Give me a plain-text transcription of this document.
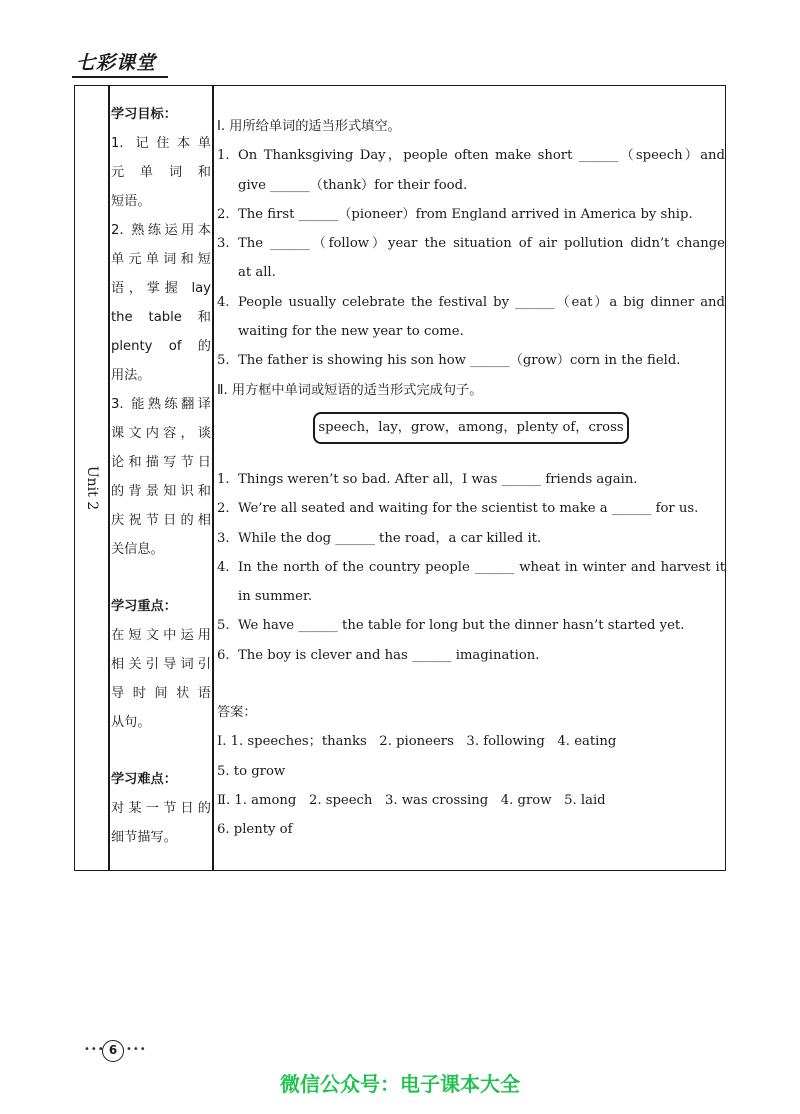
七彩课堂
Unit 2

学习目标：

1. 记住本单

元单词和

短语。

2. 熟练运用本

单元单词和短

语，掌握 lay

the table 和

plenty of 的

用法。

3. 能熟练翻译

课文内容，谈

论和描写节日

的背景知识和

庆祝节日的相

关信息。

学习重点：

在短文中运用

相关引导词引

导时间状语

从句。

学习难点：

对某一节日的

细节描写。

Ⅰ. 用所给单词的适当形式填空。

1. On Thanksgiving Day，people often make short ______（speech）and
give ______（thank）for their food.
2. The first ______（pioneer）from England arrived in America by ship.
3. The ______（follow）year the situation of air pollution didn’t change
at all.
4. People usually celebrate the festival by ______（eat）a big dinner and
waiting for the new year to come.
5. The father is showing his son how ______（grow）corn in the field.

Ⅱ. 用方框中单词或短语的适当形式完成句子。

speech，lay，grow，among，plenty of，cross
1. Things weren’t so bad. After all，I was ______ friends again.
2. We’re all seated and waiting for the scientist to make a ______ for us.
3. While the dog ______ the road，a car killed it.
4. In the north of the country people ______ wheat in winter and harvest it
in summer.
5. We have ______ the table for long but the dinner hasn’t started yet.
6. The boy is clever and has ______ imagination.

答案：

Ⅰ. 1. speeches；thanks   2. pioneers   3. following   4. eating

5. to grow

Ⅱ. 1. among   2. speech   3. was crossing   4. grow   5. laid

6. plenty of

••• 6 •••
微信公众号：电子课本大全
